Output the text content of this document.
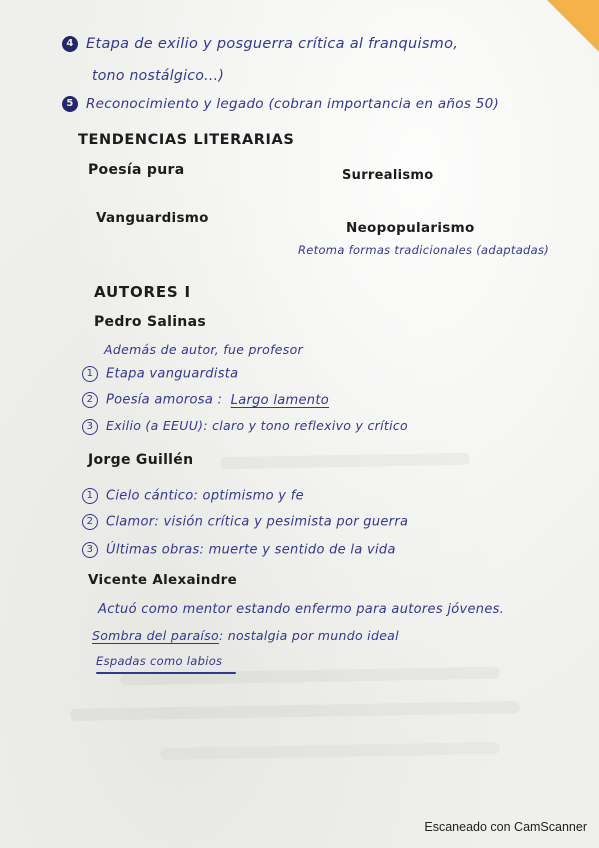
4 Etapa de exilio y posguerra crítica al franquismo,
tono nostálgico...)
5 Reconocimiento y legado (cobran importancia en años 50)
TENDENCIAS LITERARIAS
Poesía pura	Surrealismo
Vanguardismo
Neopopularismo
Retoma formas tradicionales (adaptadas)
AUTORES I
Pedro Salinas
Además de autor, fue profesor
1 Etapa vanguardista
2 Poesía amorosa : Largo lamento
3 Exilio (a EEUU): claro y tono reflexivo y crítico
Jorge Guillén
1 Cielo cántico: optimismo y fe
2 Clamor: visión crítica y pesimista por guerra
3 Últimas obras: muerte y sentido de la vida
Vicente Alexaindre
Actuó como mentor estando enfermo para autores jóvenes.
Sombra del paraíso: nostalgia por mundo ideal
Espadas como labios
Escaneado con CamScanner
